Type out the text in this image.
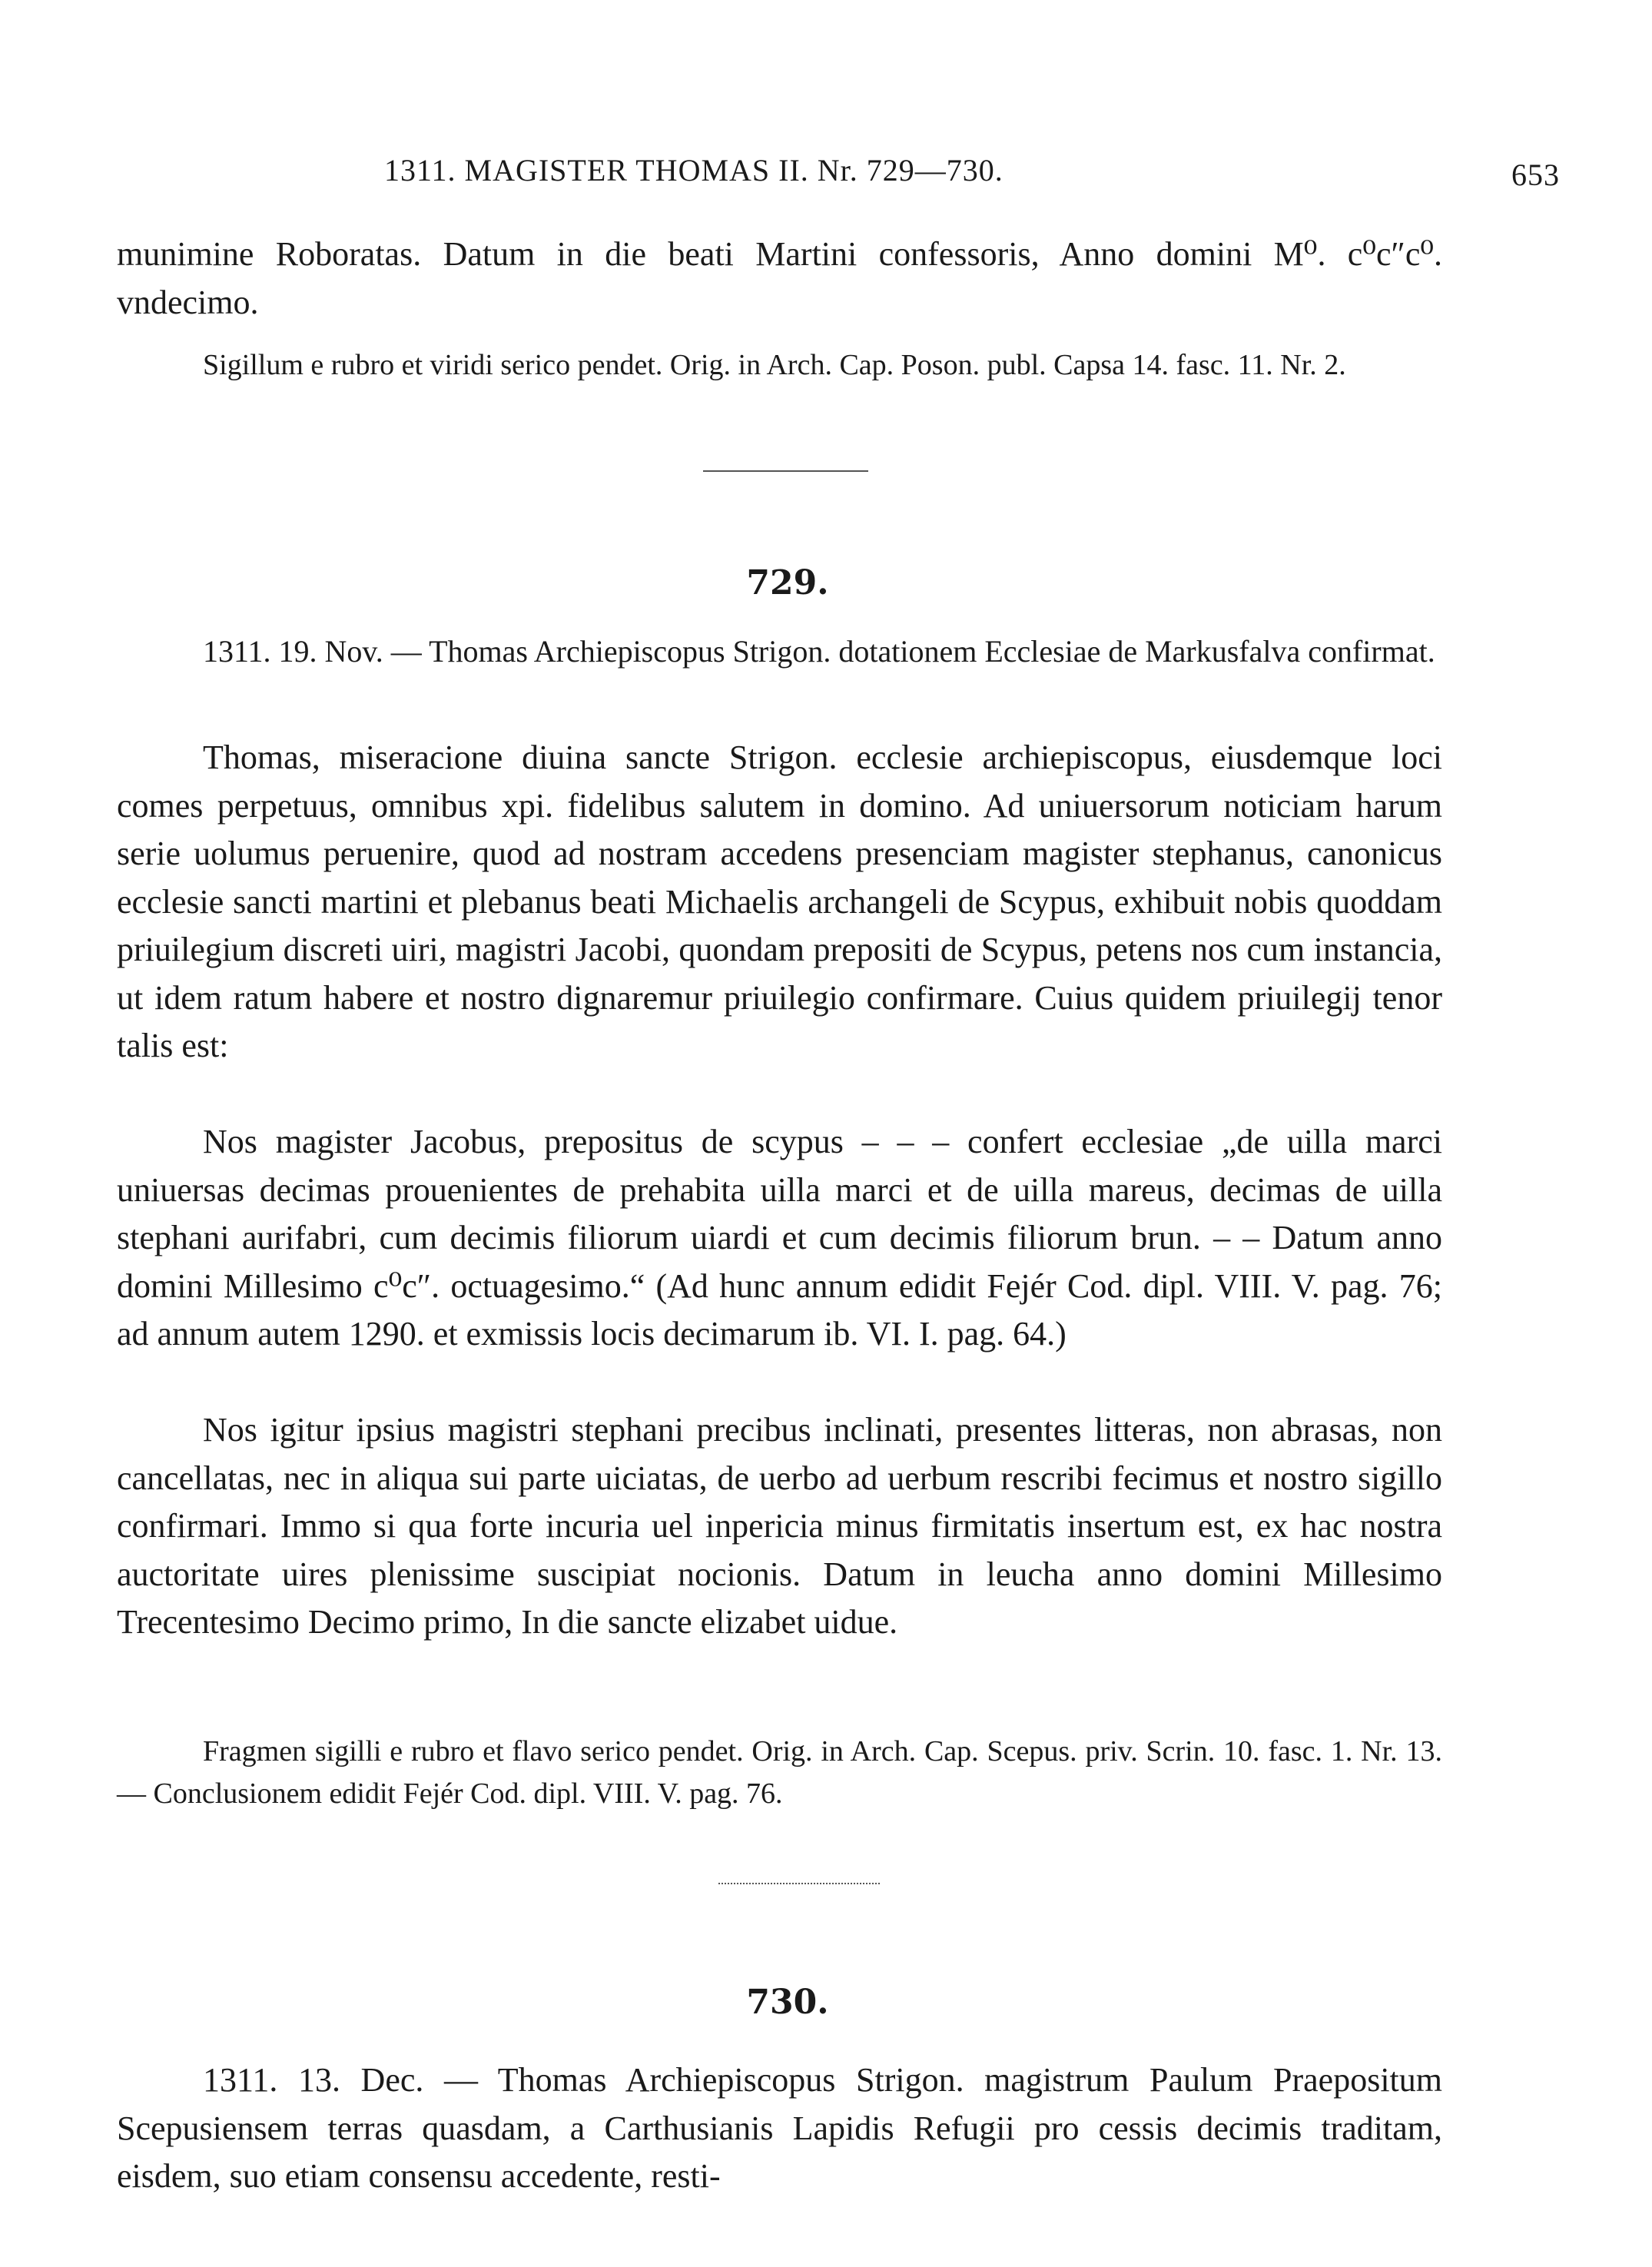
1311. MAGISTER THOMAS II. Nr. 729—730.	653

munimine Roboratas. Datum in die beati Martini confessoris, Anno domini M⁰. c⁰c″c⁰. vndecimo.

Sigillum e rubro et viridi serico pendet. Orig. in Arch. Cap. Poson. publ. Capsa 14. fasc. 11. Nr. 2.

729.

1311. 19. Nov. — Thomas Archiepiscopus Strigon. dotationem Ecclesiae de Markusfalva confirmat.

Thomas, miseracione diuina sancte Strigon. ecclesie archiepiscopus, eiusdemque loci comes perpetuus, omnibus xpi. fidelibus salutem in domino. Ad uniuersorum noticiam harum serie uolumus peruenire, quod ad nostram accedens presenciam magister stephanus, canonicus ecclesie sancti martini et plebanus beati Michaelis archangeli de Scypus, exhibuit nobis quoddam priuilegium discreti uiri, magistri Jacobi, quondam prepositi de Scypus, petens nos cum instancia, ut idem ratum habere et nostro dignaremur priuilegio confirmare. Cuius quidem priuilegij tenor talis est:

Nos magister Jacobus, prepositus de scypus – – – confert ecclesiae „de uilla marci uniuersas decimas prouenientes de prehabita uilla marci et de uilla mareus, decimas de uilla stephani aurifabri, cum decimis filiorum uiardi et cum decimis filiorum brun. – – Datum anno domini Millesimo c⁰c″. octuagesimo.“ (Ad hunc annum edidit Fejér Cod. dipl. VIII. V. pag. 76; ad annum autem 1290. et exmissis locis decimarum ib. VI. I. pag. 64.)

Nos igitur ipsius magistri stephani precibus inclinati, presentes litteras, non abrasas, non cancellatas, nec in aliqua sui parte uiciatas, de uerbo ad uerbum rescribi fecimus et nostro sigillo confirmari. Immo si qua forte incuria uel inpericia minus firmitatis insertum est, ex hac nostra auctoritate uires plenissime suscipiat nocionis. Datum in leucha anno domini Millesimo Trecentesimo Decimo primo, In die sancte elizabet uidue.

Fragmen sigilli e rubro et flavo serico pendet. Orig. in Arch. Cap. Scepus. priv. Scrin. 10. fasc. 1. Nr. 13. — Conclusionem edidit Fejér Cod. dipl. VIII. V. pag. 76.

730.

1311. 13. Dec. — Thomas Archiepiscopus Strigon. magistrum Paulum Praepositum Scepusiensem terras quasdam, a Carthusianis Lapidis Refugii pro cessis decimis traditam, eisdem, suo etiam consensu accedente, resti-
